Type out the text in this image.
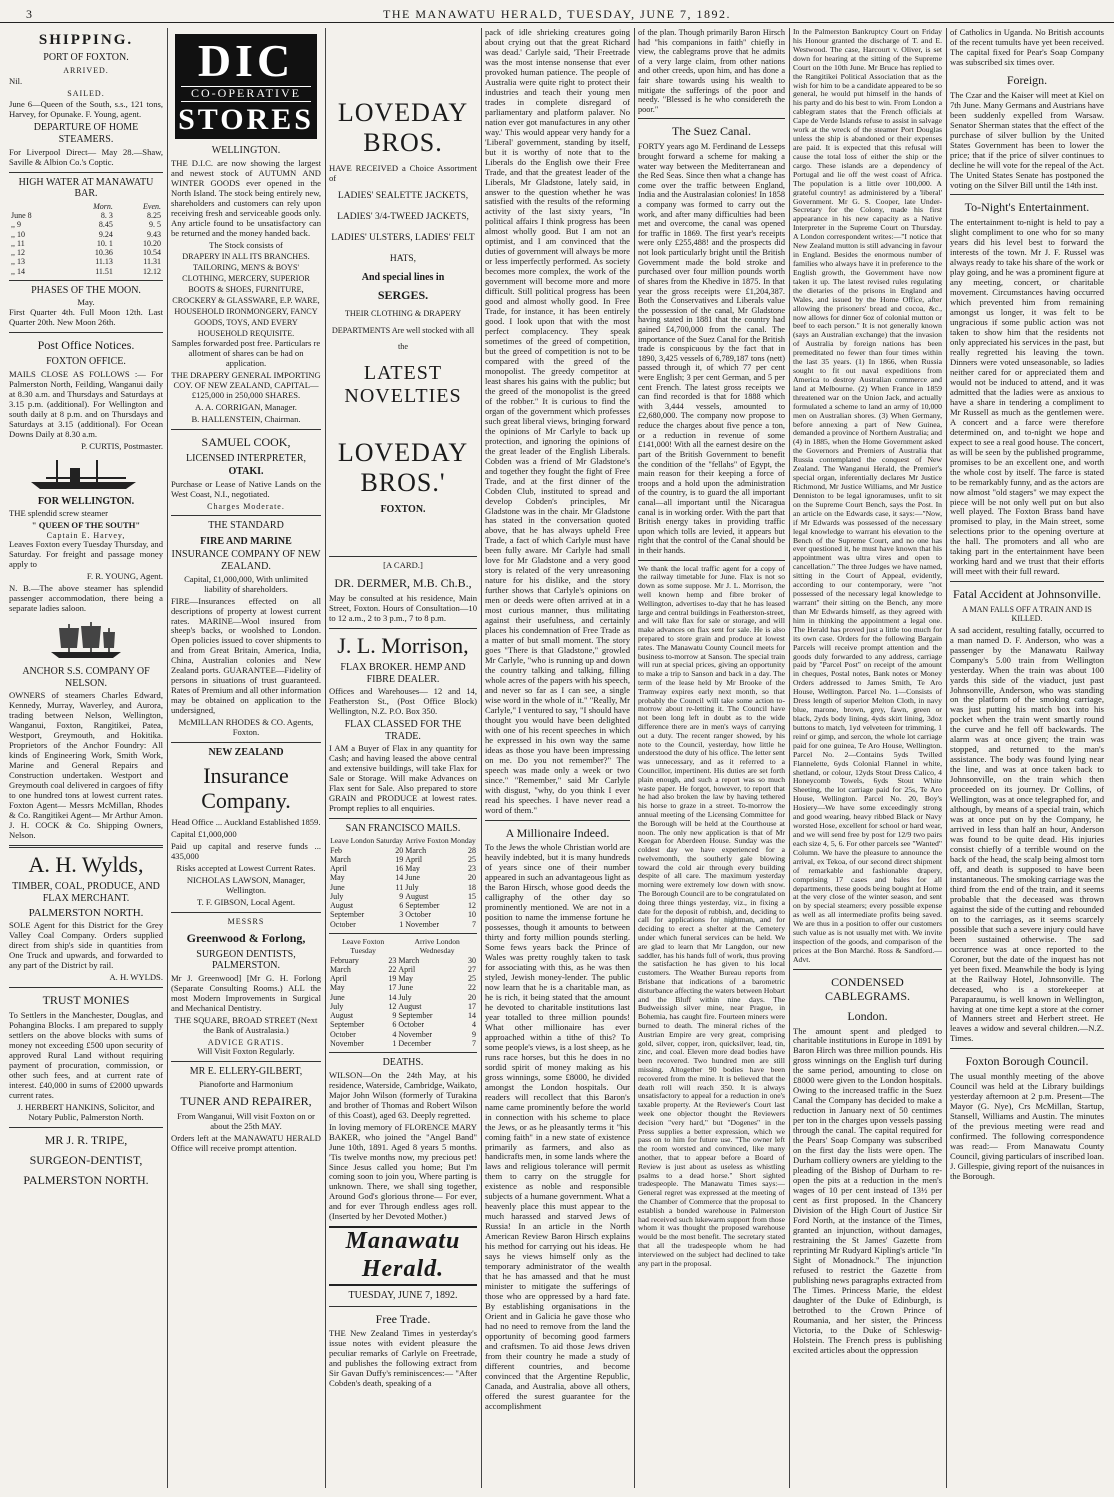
3	THE MANAWATU HERALD, TUESDAY, JUNE 7, 1892.
SHIPPING.
PORT OF FOXTON.
ARRIVED.

Nil.

SAILED.

June 6—Queen of the South, s.s., 121 tons, Harvey, for Opunake. F. Young, agent.

DEPARTURE OF HOME STEAMERS.

For Liverpool Direct— May 28.—Shaw, Saville & Albion Co.'s Coptic.

HIGH WATER AT MANAWATU BAR.
	Morn.	Even.
June 8	8. 3	8.25
,, 9	8.45	9. 5
,, 10	9.24	9.43
,, 11	10. 1	10.20
,, 12	10.36	10.54
,, 13	11.13	11.31
,, 14	11.51	12.12
PHASES OF THE MOON.
May.

First Quarter 4th. Full Moon 12th. Last Quarter 20th. New Moon 26th.

Post Office Notices.
FOXTON OFFICE.

MAILS CLOSE AS FOLLOWS :— For Palmerston North, Feilding, Wanganui daily at 8.30 a.m. and Thursdays and Saturdays at 3.15 p.m. (additional). For Wellington and south daily at 8 p.m. and on Thursdays and Saturdays at 3.15 (additional). For Ocean Downs Daily at 8.30 a.m.

P. CURTIS, Postmaster.

FOR WELLINGTON.

THE splendid screw steamer

" QUEEN OF THE SOUTH"
Captain E. Harvey,

Leaves Foxton every Tuesday Thursday, and Saturday. For freight and passage money apply to

F. R. YOUNG, Agent.

N. B.—The above steamer has splendid passenger accommodation, there being a separate ladies saloon.

ANCHOR S.S. COMPANY OF NELSON.

OWNERS of steamers Charles Edward, Kennedy, Murray, Waverley, and Aurora, trading between Nelson, Wellington, Wanganui, Foxton, Rangitikei, Patea, Westport, Greymouth, and Hokitika. Proprietors of the Anchor Foundry: All kinds of Engineering Work, Smith Work, Marine and General Repairs and Construction undertaken. Westport and Greymouth coal delivered in cargoes of fifty to one hundred tons at lowest current rates. Foxton Agent— Messrs McMillan, Rhodes & Co. Rangitikei Agent— Mr Arthur Amon. J. H. COCK & Co. Shipping Owners, Nelson.

A. H. Wylds,
TIMBER, COAL, PRODUCE, AND FLAX MERCHANT.
PALMERSTON NORTH.

SOLE Agent for this District for the Grey Valley Coal Company. Orders supplied direct from ship's side in quantities from One Truck and upwards, and forwarded to any part of the District by rail.

A. H. WYLDS.

TRUST MONIES

To Settlers in the Manchester, Douglas, and Pohangina Blocks. I am prepared to supply settlers on the above blocks with sums of money not exceeding £500 upon security of approved Rural Land without requiring payment of procuration, commission, or other such fees, and at current rate of interest. £40,000 in sums of £2000 upwards current rates.

J. HERBERT HANKINS, Solicitor, and Notary Public, Palmerston North.

MR J. R. TRIPE,
SURGEON-DENTIST,
PALMERSTON NORTH.
DIC
CO-OPERATIVE
STORES
WELLINGTON.

THE D.I.C. are now showing the largest and newest stock of AUTUMN AND WINTER GOODS ever opened in the North Island. The stock being entirely new, shareholders and customers can rely upon receiving fresh and serviceable goods only. Any article found to be unsatisfactory can be returned and the money handed back.

The Stock consists of
DRAPERY IN ALL ITS BRANCHES. TAILORING, MEN'S & BOYS' CLOTHING, MERCERY, SUPERIOR BOOTS & SHOES, FURNITURE, CROCKERY & GLASSWARE, E.P. WARE, HOUSEHOLD IRONMONGERY, FANCY GOODS, TOYS, AND EVERY HOUSEHOLD REQUISITE.

Samples forwarded post free. Particulars re allotment of shares can be had on application.

THE DRAPERY GENERAL IMPORTING COY. OF NEW ZEALAND, CAPITAL—£125,000 in 250,000 SHARES.

A. A. CORRIGAN, Manager.

B. HALLENSTEIN, Chairman.

SAMUEL COOK,
LICENSED INTERPRETER,
OTAKI.

Purchase or Lease of Native Lands on the West Coast, N.I., negotiated.

Charges Moderate.
THE STANDARD
FIRE AND MARINE
INSURANCE COMPANY OF NEW ZEALAND.

Capital, £1,000,000, With unlimited liability of shareholders.

FIRE—Insurances effected on all descriptions of property at lowest current rates. MARINE—Wool insured from sheep's backs, or woolshed to London. Open policies issued to cover shipments to and from Great Britain, America, India, China, Australian colonies and New Zealand ports. GUARANTEE—Fidelity of persons in situations of trust guaranteed. Rates of Premium and all other information may be obtained on application to the undersigned,

McMILLAN RHODES & CO. Agents, Foxton.

NEW ZEALAND
Insurance Company.

Head Office ... Auckland Established 1859.

Capital £1,000,000

Paid up capital and reserve funds ... 435,000

Risks accepted at Lowest Current Rates.

NICHOLAS LAWSON, Manager, Wellington.

T. F. GIBSON, Local Agent.

MESSRS
Greenwood & Forlong,
SURGEON DENTISTS, PALMERSTON.

Mr J. Greenwood] [Mr G. H. Forlong (Separate Consulting Rooms.) ALL the most Modern Improvements in Surgical and Mechanical Dentistry.

THE SQUARE, BROAD STREET (Next the Bank of Australasia.)

ADVICE GRATIS.

Will Visit Foxton Regularly.

MR E. ELLERY-GILBERT,
Pianoforte and Harmonium
TUNER AND REPAIRER,

From Wanganui, Will visit Foxton on or about the 25th MAY.

Orders left at the MANAWATU HERALD Office will receive prompt attention.

LOVEDAY BROS.

HAVE RECEIVED a Choice Assortment of

LADIES' SEALETTE JACKETS, LADIES' 3/4-TWEED JACKETS, LADIES' ULSTERS, LADIES' FELT HATS,
And special lines in
SERGES.
THEIR CLOTHING & DRAPERY DEPARTMENTS Are well stocked with all the
LATEST NOVELTIES
LOVEDAY BROS.'
FOXTON.
[A CARD.]
DR. DERMER, M.B. Ch.B.,

May be consulted at his residence, Main Street, Foxton. Hours of Consultation—10 to 12 a.m., 2 to 3 p.m., 7 to 8 p.m.

J. L. Morrison,
FLAX BROKER. HEMP AND FIBRE DEALER.

Offices and Warehouses— 12 and 14, Featherston St., (Post Office Block) Wellington, N.Z. P.O. Box 350.

FLAX CLASSED FOR THE TRADE.

I AM a Buyer of Flax in any quantity for Cash; and having leased the above central and extensive buildings, will take Flax for Sale or Storage. Will make Advances on Flax sent for Sale. Also prepared to store GRAIN and PRODUCE at lowest rates. Prompt replies to all enquiries.

SAN FRANCISCO MAILS.
Leave London Saturday		Arrive Foxton Monday	
Feb	20	March	28
March	19	April	25
April	16	May	23
May	14	June	20
June	11	July	18
July	9	August	15
August	6	September	12
September	3	October	10
October	1	November	7
Leave Foxton Tuesday		Arrive London Wednesday	
February	23	March	30
March	22	April	27
April	19	May	25
May	17	June	22
June	14	July	20
July	12	August	17
August	9	September	14
September	6	October	4
October	4	November	9
November	1	December	7
DEATHS.

WILSON—On the 24th May, at his residence, Waterside, Cambridge, Waikato, Major John Wilson (formerly of Turakina and brother of Thomas and Robert Wilson of this Coast), aged 63. Deeply regretted.

In loving memory of FLORENCE MARY BAKER, who joined the "Angel Band" June 10th, 1891. Aged 8 years 5 months. 'Tis twelve months now, my precious pet! Since Jesus called you home; But I'm coming soon to join you, Where parting is unknown. There, we shall sing together, Around God's glorious throne— For ever, and for ever Through endless ages roll. (Inserted by her Devoted Mother.)

Manawatu Herald.
TUESDAY, JUNE 7, 1892.
Free Trade.

THE New Zealand Times in yesterday's issue notes with evident pleasure the peculiar remarks of Carlyle on Freetrade, and publishes the following extract from Sir Gavan Duffy's reminiscences:— "After Cobden's death, speaking of a

pack of idle shrieking creatures going about crying out that the great Richard was dead.' Carlyle said, 'Their Freetrade was the most intense nonsense that ever provoked human patience. The people of Australia were quite right to protect their industries and teach their young men trades in complete disregard of parliamentary and platform palaver. No nation ever got manufactures in any other way.' This would appear very handy for a 'Liberal' government, standing by itself, but it is worthy of note that to the Liberals do the English owe their Free Trade, and that the greatest leader of the Liberals, Mr Gladstone, lately said, in answer to the question whether he was satisfied with the results of the reforming activity of the last sixty years, "In political affairs I think progress has been almost wholly good. But I am not an optimist, and I am convinced that the duties of government will always be more or less imperfectly performed. As society becomes more complex, the work of the government will become more and more difficult. Still political progress has been good and almost wholly good. In Free Trade, for instance, it has been entirely good. I look upon that with the most perfect complacency. They speak sometimes of the greed of competition, but the greed of competition is not to be compared with the greed of the monopolist. The greedy competitor at least shares his gains with the public; but the greed of the monopolist is the greed of the robber." It is curious to find the organ of the government which professes such great liberal views, bringing forward the opinions of Mr Carlyle to back up protection, and ignoring the opinions of the great leader of the English Liberals. Cobden was a friend of Mr Gladstone's and together they fought the fight of Free Trade, and at the first dinner of the Cobden Club, instituted to spread and develop Cobden's principles, Mr Gladstone was in the chair. Mr Gladstone has stated in the conversation quoted above, that he has always upheld Free Trade, a fact of which Carlyle must have been fully aware. Mr Carlyle had small love for Mr Gladstone and a very good story is related of the very unreasoning nature for his dislike, and the story further shows that Carlyle's opinions on men or deeds were often arrived at in a most curious manner, thus militating against their usefulness, and certainly places his condemnation of Free Trade as a matter of but small moment. The story goes "There is that Gladstone," growled Mr Carlyle, "who is running up and down the country talking and talking, filling whole acres of the papers with his speech, and never so far as I can see, a single wise word in the whole of it." "Really, Mr Carlyle," I ventured to say, "I should have thought you would have been delighted with one of his recent speeches in which he expressed in his own way the same ideas as those you have been impressing on me. Do you not remember?" The speech was made only a week or two since." "Remember," said Mr Carlyle with disgust, "why, do you think I ever read his speeches. I have never read a word of them."

A Millionaire Indeed.

To the Jews the whole Christian world are heavily indebted, but it is many hundreds of years since one of their number appeared in such an advantageous light as the Baron Hirsch, whose good deeds the calligraphy of the other day so prominently mentioned. We are not in a position to name the immense fortune he possesses, though it amounts to between thirty and forty million pounds sterling. Some fews years back the Prince of Wales was pretty roughly taken to task for associating with this, as he was then styled, Jewish money-lender. The public now learn that he is a charitable man, as he is rich, it being stated that the amount he devoted to charitable institutions last year totalled to three million pounds! What other millionaire has ever approached within a tithe of this? To some people's views, is a lost sheep, as he runs race horses, but this he does in no sordid spirit of money making as his gross winnings, some £8000, he divided amongst the London hospitals. Our readers will recollect that this Baron's name came prominently before the world in connection with his scheme to place the Jews, or as he pleasantly terms it "his coming faith" in a new state of existence primarily as farmers, and also as handicrafts men, in some lands where the laws and religious tolerance will permit them to carry on the struggle for existence as noble and responsible subjects of a humane government. What a heavenly place this must appear to the much harassed and starved Jews of Russia! In an article in the North American Review Baron Hirsch explains his method for carrying out his ideas. He says he views himself only as the temporary administrator of the wealth that he has amassed and that he must minister to mitigate the sufferings of those who are oppressed by a hard fate. By establishing organisations in the Orient and in Galicia he gave those who had no need to remove from the land the opportunity of becoming good farmers and craftsmen. To aid those Jews driven from their country he made a study of different countries, and become convinced that the Argentine Republic, Canada, and Australia, above all others, offered the surest guarantee for the accomplishment

of the plan. Though primarily Baron Hirsch had "his companions in faith" chiefly in view, the cablegrams prove that he admits of a very large claim, from other nations and other creeds, upon him, and has done a fair share towards using his wealth to mitigate the sufferings of the poor and needy. "Blessed is he who considereth the poor."

The Suez Canal.

FORTY years ago M. Ferdinand de Lesseps brought forward a scheme for making a water way between the Mediterranean and the Red Seas. Since then what a change has come over the traffic between England, India and the Australasian colonies! In 1858 a company was formed to carry out the work, and after many difficulties had been met and overcome, the canal was opened for traffic in 1869. The first year's receipts were only £255,488! and the prospects did not look particularly bright until the British Government made the bold stroke and purchased over four million pounds worth of shares from the Khedive in 1875. In that year the gross receipts were £1,204,387. Both the Conservatives and Liberals value the possession of the canal, Mr Gladstone having stated in 1881 that the country had gained £4,700,000 from the canal. The importance of the Suez Canal for the British trade is conspicuous by the fact that in 1890, 3,425 vessels of 6,789,187 tons (nett) passed through it, of which 77 per cent were English; 3 per cent German, and 5 per cent French. The latest gross receipts we can find recorded is that for 1888 which with 3,444 vessels, amounted to £2,680,000. The company now propose to reduce the charges about five pence a ton, or a reduction in revenue of some £141,000! With all the earnest desire on the part of the British Government to benefit the condition of the "fellahs" of Egypt, the main reason for their keeping a force of troops and a hold upon the administration of the country, is to guard the all important canal—all important until the Nicaragua canal is in working order. With the part that British energy takes in providing traffic upon which tolls are levied, it appears but right that the control of the Canal should be in their hands.

We thank the local traffic agent for a copy of the railway timetable for June. Flax is not so down as some suppose. Mr J. L. Morrison, the well known hemp and fibre broker of Wellington, advertises to-day that he has leased large and central buildings in Featherston-street, and will take flax for sale or storage, and will make advances on flax sent for sale. He is also prepared to store grain and produce at lowest rates. The Manawatu County Council meets for business to-morrow at Sanson. The special train will run at special prices, giving an opportunity to make a trip to Sanson and back in a day. The term of the lease held by Mr Brooke of the Tramway expires early next month, so that probably the Council will take some action to-morrow about re-letting it. The Council have not been long left in doubt as to the wide difference there are in men's ways of carrying out a duty. The recent ranger showed, by his note to the Council, yesterday, how little he understood the duty of his office. The letter sent was unnecessary, and as it referred to a Councillor, impertinent. His duties are set forth plain enough, and such a report was so much waste paper. He forgot, however, to report that he had also broken the law by having tethered his horse to graze in a street. To-morrow the annual meeting of the Licensing Committee for the Borough will be held at the Courthouse at noon. The only new application is that of Mr Keegan for Aberdeen House. Sunday was the coldest day we have experienced for a twelvemonth, the southerly gale blowing toward the cold air through every building despite of all care. The maximum yesterday morning were extremely low down with snow. The Borough Council are to be congratulated on doing three things yesterday, viz., in fixing a date for the deposit of rubbish, and, deciding to call for applications for nightman, and for deciding to erect a shelter at the Cemetery under which funeral services can be held. We are glad to learn that Mr Langdon, our new saddler, has his hands full of work, thus proving the satisfaction he has given to his local customers. The Weather Bureau reports from Brisbane that indications of a barometric disturbance affecting the waters between Hobart and the Bluff within nine days. The Budweissigh silver mine, near Prague, in Bohemia, has caught fire. Fourteen miners were burned to death. The mineral riches of the Austrian Empire are very great, comprising gold, silver, copper, iron, quicksilver, lead, tin, zinc, and coal. Eleven more dead bodies have been recovered. Two hundred men are still missing. Altogether 90 bodies have been recovered from the mine. It is believed that the death roll will reach 350. It is always unsatisfactory to appeal for a reduction in one's taxable property. At the Reviewer's Court last week one objector thought the Reviewers decision "very hard," but "Dogenes" in the Press supplies a better expression, which we pass on to him for future use. "The owner left the room worsted and convinced, like many another, that to appear before a Board of Review is just about as useless as whistling psalms to a dead horse." Short sighted tradespeople. The Manawatu Times says:—General regret was expressed at the meeting of the Chamber of Commerce that the proposal to establish a bonded warehouse in Palmerston had received such lukewarm support from those whom it was thought the proposed warehouse would be the most benefit. The secretary stated that all the tradespeople whom he had interviewed on the subject had declined to take any part in the proposal.

In the Palmerston Bankruptcy Court on Friday his Honour granted the discharge of T. and E. Westwood. The case, Harcourt v. Oliver, is set down for hearing at the sitting of the Supreme Court on the 10th June. Mr Bruce has replied to the Rangitikei Political Association that as the wish for him to be a candidate appeared to be so general, he would put himself in the hands of his party and do his best to win. From London a cablegram states that the French officials at Cape de Verde Islands refuse to assist in salvage work at the wreck of the steamer Port Douglas unless the ship is abandoned or their expenses are paid. It is expected that this refusal will cause the total loss of either the ship or the cargo. These islands are a dependency of Portugal and lie off the west coast of Africa. The population is a little over 100,000. A grateful country! as administered by a 'liberal' Government. Mr G. S. Cooper, late Under-Secretary for the Colony, made his first appearance in his new capacity as a Native Interpreter in the Supreme Court on Thursday. A London correspondent writes:—"I notice that New Zealand mutton is still advancing in favour in England. Besides the enormous number of families who always have it in preference to the English growth, the Government have now taken it up. The latest revised rules regulating the dietaries of the prisons in England and Wales, and issued by the Home Office, after allowing the prisoners' bread and cocoa, &c., now allows for dinner 6oz of colonial mutton or beef to each person." It is not generally known (says an Australian exchange) that the invasion of Australia by foreign nations has been premeditated no fewer than four times within the last 35 years. (1) In 1866, when Russia sought to fit out naval expeditions from America to destroy Australian commerce and land at Melbourne. (2) When France in 1859 threatened war on the Union Jack, and actually formulated a scheme to land an army of 10,000 men on Australian shores. (3) When Germany, before annexing a part of New Guinea, demanded a province of Northern Australia; and (4) in 1885, when the Home Government asked the Governors and Premiers of Australia that Russia contemplated the conquest of New Zealand. The Wanganui Herald, the Premier's special organ, inferentially declares Mr Justice Richmond, Mr Justice Williams, and Mr Justice Denniston to be legal ignoramuses, unfit to sit on the Supreme Court Bench, says the Post. In an article on the Edwards case, it says:—"Now, if Mr Edwards was possessed of the necessary legal knowledge to warrant his elevation to the Bench of the Supreme Court, and no one has ever questioned it, he must have known that his appointment was ultra vires and open to cancellation." The three Judges we have named, sitting in the Court of Appeal, evidently, according to our contemporary, were "not possessed of the necessary legal knowledge to warrant" their sitting on the Bench, any more than Mr Edwards himself, as they agreed with him in thinking the appointment a legal one. The Herald has proved just a little too much for its own case. Orders for the following Bargain Parcels will receive prompt attention and the goods duly forwarded to any address, carriage paid by "Parcel Post" on receipt of the amount in cheques, Postal notes, Bank notes or Money Orders addressed to James Smith, Te Aro House, Wellington. Parcel No. 1—Consists of Dress length of superior Melton Cloth, in navy blue, marone, brown, grey, fawn, green or black, 2yds body lining, 4yds skirt lining, 3doz buttons to match, 1yd velveteen for trimming, 1 reinf or gimp, and sercon, the whole lot carriage paid for one guinea, Te Aro House, Wellington. Parcel No. 2—Contains 5yds Twilled Flannelette, 6yds Colonial Flannel in white, shetland, or colour, 12yds Stout Dress Calico, 4 Honeycomb Towels, 6yds Stout White Sheeting, the lot carriage paid for 25s, Te Aro House, Wellington. Parcel No. 20, Boy's Hosiery—We have some exceedingly strong and good wearing, heavy ribbed Black or Navy worsted Hose, excellent for school or hard wear, and we will send free by post for 12/9 two pairs each size 4, 5, 6. For other parcels see "Wanted" Column. We have the pleasure to announce the arrival, ex Tekoa, of our second direct shipment of remarkable and fashionable drapery, comprising 17 cases and bales for all departments, these goods being bought at Home at the very close of the winter season, and sent on by special steamers; every possible expense as well as all intermediate profits being saved. We are thus in a position to offer our customers such value as is not usually met with. We invite inspection of the goods, and comparison of the prices at the Bon Marché. Ross & Sandford.—Advt.

CONDENSED CABLEGRAMS.
London.

The amount spent and pledged to charitable institutions in Europe in 1891 by Baron Hirch was three million pounds. His gross winnings on the English turf during the same period, amounting to close on £8000 were given to the London hospitals. Owing to the increased traffic in the Suez Canal the Company has decided to make a reduction in January next of 50 centimes per ton in the charges upon vessels passing through the canal. The capital required for the Pears' Soap Company was subscribed on the first day the lists were open. The Durham colliery owners are yielding to the pleading of the Bishop of Durham to re-open the pits at a reduction in the men's wages of 10 per cent instead of 13½ per cent as first proposed. In the Chancery Division of the High Court of Justice Sir Ford North, at the instance of the Times, granted an injunction, without damages, restraining the St James' Gazette from reprinting Mr Rudyard Kipling's article "In Sight of Monadnock." The injunction refused to restrict the Gazette from publishing news paragraphs extracted from The Times. Princess Marie, the eldest daughter of the Duke of Edinburgh, is betrothed to the Crown Prince of Roumania, and her sister, the Princess Victoria, to the Duke of Schleswig-Holstein. The French press is publishing excited articles about the oppression

of Catholics in Uganda. No British accounts of the recent tumults have yet been received. The capital fixed for Pear's Soap Company was subscribed six times over.

Foreign.

The Czar and the Kaiser will meet at Kiel on 7th June. Many Germans and Austrians have been suddenly expelled from Warsaw. Senator Sherman states that the effect of the purchase of silver bullion by the United States Government has been to lower the price; that if the price of silver continues to decline he will vote for the repeal of the Act. The United States Senate has postponed the voting on the Silver Bill until the 14th inst.

To-Night's Entertainment.

The entertainment to-night is held to pay a slight compliment to one who for so many years did his level best to forward the interests of the town. Mr J. F. Russel was always ready to take his share of the work or play going, and he was a prominent figure at any meeting, concert, or charitable movement. Circumstances having occurred which prevented him from remaining amongst us longer, it was felt to be ungracious if some public action was not taken to show him that the residents not only appreciated his services in the past, but really regretted his leaving the town. Dinners were voted unseasonable, so ladies neither cared for or appreciated them and would not be induced to attend, and it was admitted that the ladies were as anxious to have a share in tendering a compliment to Mr Russell as much as the gentlemen were. A concert and a farce were therefore determined on, and to-night we hope and expect to see a real good house. The concert, as will be seen by the published programme, promises to be an excellent one, and worth the whole cost by itself. The farce is stated to be remarkably funny, and as the actors are now almost "old stagers" we may expect the piece will be not only well put on but also well played. The Foxton Brass band have promised to play, in the Main street, some selections prior to the opening overture at the hall. The promoters and all who are taking part in the entertainment have been working hard and we trust that their efforts will meet with their full reward.

Fatal Accident at Johnsonville.
A MAN FALLS OFF A TRAIN AND IS KILLED.

A sad accident, resulting fatally, occurred to a man named D. F. Anderson, who was a passenger by the Manawatu Railway Company's 5.00 train from Wellington yesterday. When the train was about 100 yards this side of the viaduct, just past Johnsonville, Anderson, who was standing on the platform of the smoking carriage, was just putting his match box into his pocket when the train went smartly round the curve and he fell off backwards. The alarm was at once given; the train was stopped, and returned to the man's assistance. The body was found lying near the line, and was at once taken back to Johnsonville, on the train which then proceeded on its journey. Dr Collins, of Wellington, was at once telegraphed for, and although, by means of a special train, which was at once put on by the Company, he arrived in less than half an hour, Anderson was found to be quite dead. His injuries consist chiefly of a terrible wound on the back of the head, the scalp being almost torn off, and death is supposed to have been instantaneous. The smoking carriage was the third from the end of the train, and it seems probable that the deceased was thrown against the side of the cutting and rebounded on to the carriages, as it seems scarcely possible that such a severe injury could have been sustained otherwise. The sad occurrence was at once reported to the Coroner, but the date of the inquest has not yet been fixed. Meanwhile the body is lying at the Railway Hotel, Johnsonville. The deceased, who is a storekeeper at Paraparaumu, is well known in Wellington, having at one time kept a store at the corner of Manners street and Herbert street. He leaves a widow and several children.—N.Z. Times.

Foxton Borough Council.

The usual monthly meeting of the above Council was held at the Library buildings yesterday afternoon at 2 p.m. Present—The Mayor (G. Nye), Crs McMillan, Startup, Stansell, Williams and Austin. The minutes of the previous meeting were read and confirmed. The following correspondence was read:— From Manawatu County Council, giving particulars of inscribed loan. J. Gillespie, giving report of the nuisances in the Borough.
